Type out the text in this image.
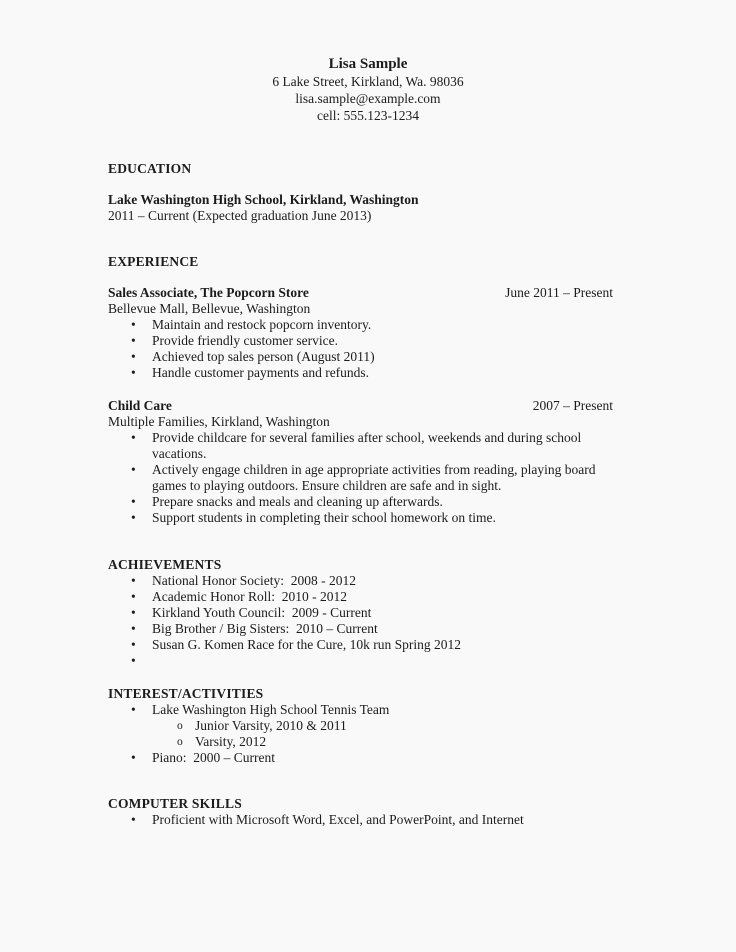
Lisa Sample
6 Lake Street, Kirkland, Wa. 98036
lisa.sample@example.com
cell: 555.123-1234
EDUCATION
Lake Washington High School, Kirkland, Washington
2011 – Current (Expected graduation June 2013)
EXPERIENCE
Sales Associate, The Popcorn Store	June 2011 – Present
Bellevue Mall, Bellevue, Washington
• Maintain and restock popcorn inventory.
• Provide friendly customer service.
• Achieved top sales person (August 2011)
• Handle customer payments and refunds.
Child Care	2007 – Present
Multiple Families, Kirkland, Washington
• Provide childcare for several families after school, weekends and during school vacations.
• Actively engage children in age appropriate activities from reading, playing board games to playing outdoors. Ensure children are safe and in sight.
• Prepare snacks and meals and cleaning up afterwards.
• Support students in completing their school homework on time.
ACHIEVEMENTS
• National Honor Society:  2008 - 2012
• Academic Honor Roll:  2010 - 2012
• Kirkland Youth Council:  2009 - Current
• Big Brother / Big Sisters:  2010 – Current
• Susan G. Komen Race for the Cure, 10k run Spring 2012
•
INTEREST/ACTIVITIES
• Lake Washington High School Tennis Team
o Junior Varsity, 2010 & 2011
o Varsity, 2012
• Piano:  2000 – Current
COMPUTER SKILLS
• Proficient with Microsoft Word, Excel, and PowerPoint, and Internet
